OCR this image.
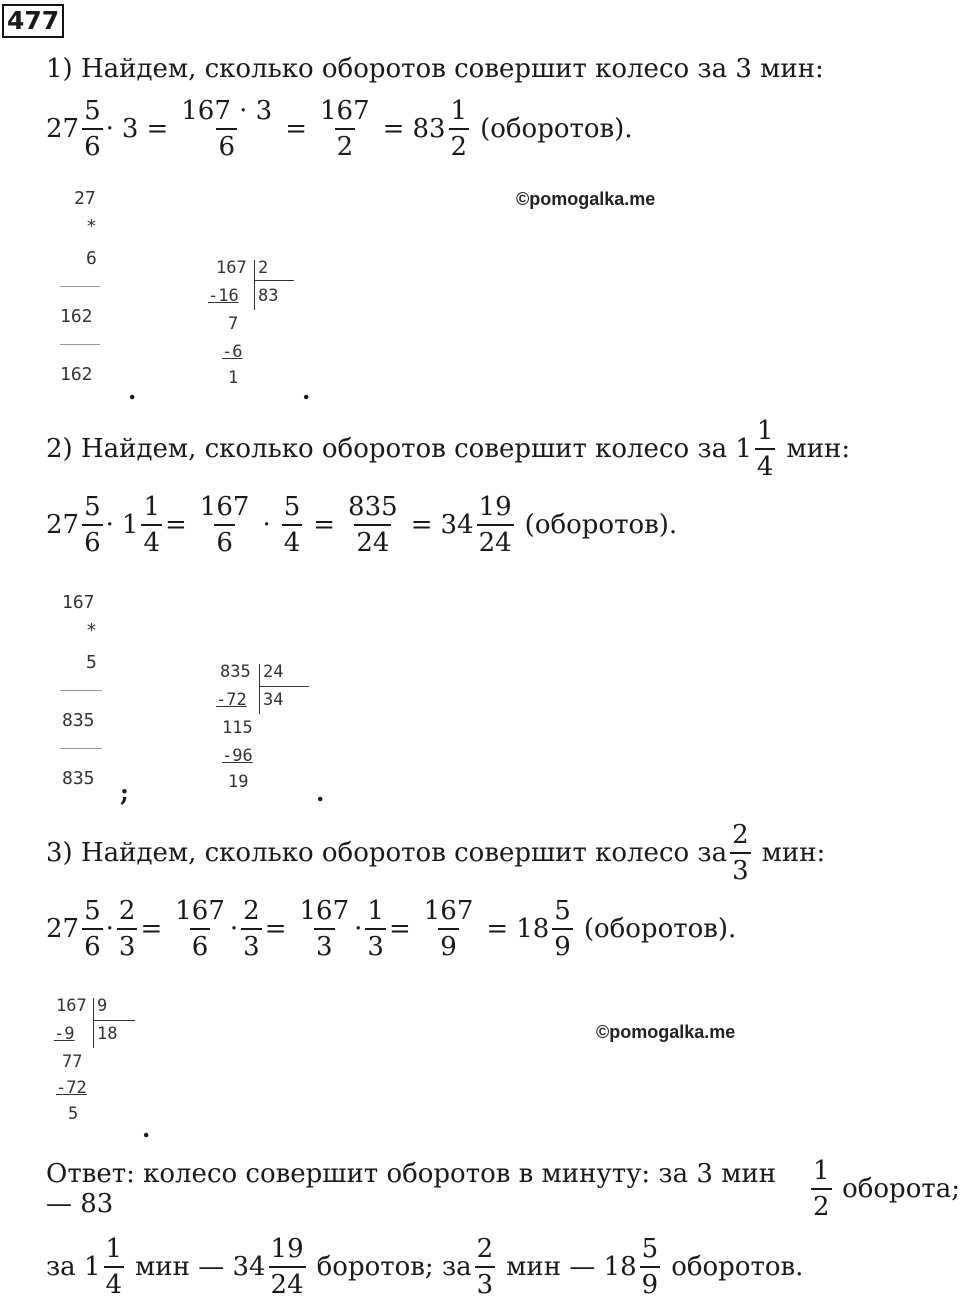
477
1) Найдем, сколько оборотов совершит колесо за 3 мин:
$27 \frac{5}{6} \cdot 3 = \frac{167 \cdot 3}{6} = \frac{167}{2} = 83 \frac{1}{2}$ (оборотов).
©pomogalka.me
27
*
6
162
162
167 2
83
-16
7
-6
1
.	.
2) Найдем, сколько оборотов совершит колесо за $1 \frac{1}{4}$ мин:
$27 \frac{5}{6} \cdot 1 \frac{1}{4} = \frac{167}{6} \cdot \frac{5}{4} = \frac{835}{24} = 34 \frac{19}{24}$ (оборотов).
167
*
5
835
835
835 24
34
-72
115
-96
19
;	.
3) Найдем, сколько оборотов совершит колесо за $\frac{2}{3}$ мин:
$27 \frac{5}{6} \cdot \frac{2}{3} = \frac{167}{6} \cdot \frac{2}{3} = \frac{167}{3} \cdot \frac{1}{3} = \frac{167}{9} = 18 \frac{5}{9}$ (оборотов).
167 9
18
-9
77
-72
5
©pomogalka.me
.
Ответ: колесо совершит оборотов в минуту: за 3 мин — 83	$\frac{1}{2}$ оборота;
за $1 \frac{1}{4}$ мин — $34 \frac{19}{24}$ боротов; за $\frac{2}{3}$ мин — $18 \frac{5}{9}$ оборотов.
